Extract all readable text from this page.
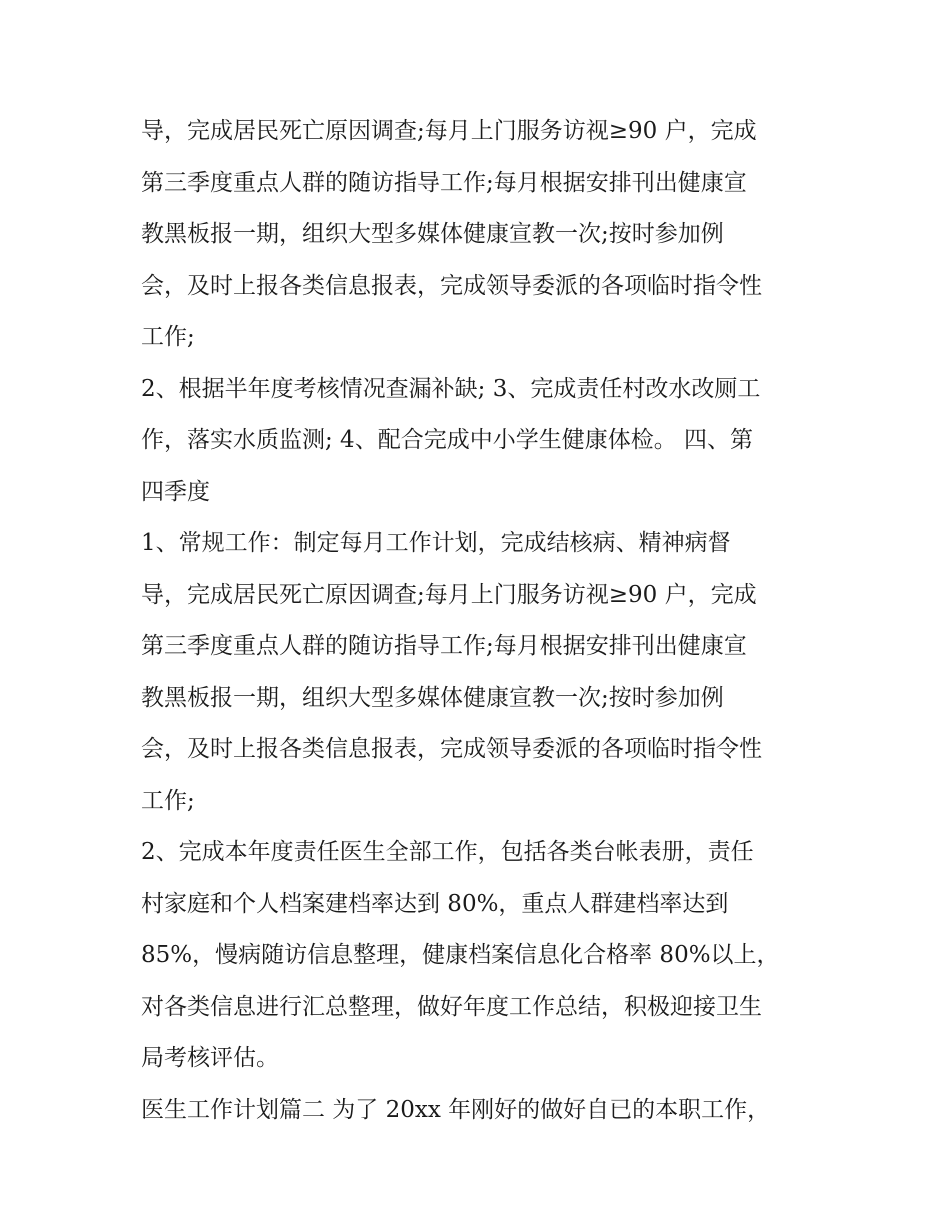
导，完成居民死亡原因调查;每月上门服务访视≥90 户，完成
第三季度重点人群的随访指导工作;每月根据安排刊出健康宣
教黑板报一期，组织大型多媒体健康宣教一次;按时参加例
会，及时上报各类信息报表，完成领导委派的各项临时指令性
工作;
2、根据半年度考核情况查漏补缺; 3、完成责任村改水改厕工
作，落实水质监测; 4、配合完成中小学生健康体检。 四、第
四季度
1、常规工作：制定每月工作计划，完成结核病、精神病督
导，完成居民死亡原因调查;每月上门服务访视≥90 户，完成
第三季度重点人群的随访指导工作;每月根据安排刊出健康宣
教黑板报一期，组织大型多媒体健康宣教一次;按时参加例
会，及时上报各类信息报表，完成领导委派的各项临时指令性
工作;
2、完成本年度责任医生全部工作，包括各类台帐表册，责任
村家庭和个人档案建档率达到 80%，重点人群建档率达到
85%，慢病随访信息整理，健康档案信息化合格率 80%以上，
对各类信息进行汇总整理，做好年度工作总结，积极迎接卫生
局考核评估。
医生工作计划篇二 为了 20xx 年刚好的做好自已的本职工作，
